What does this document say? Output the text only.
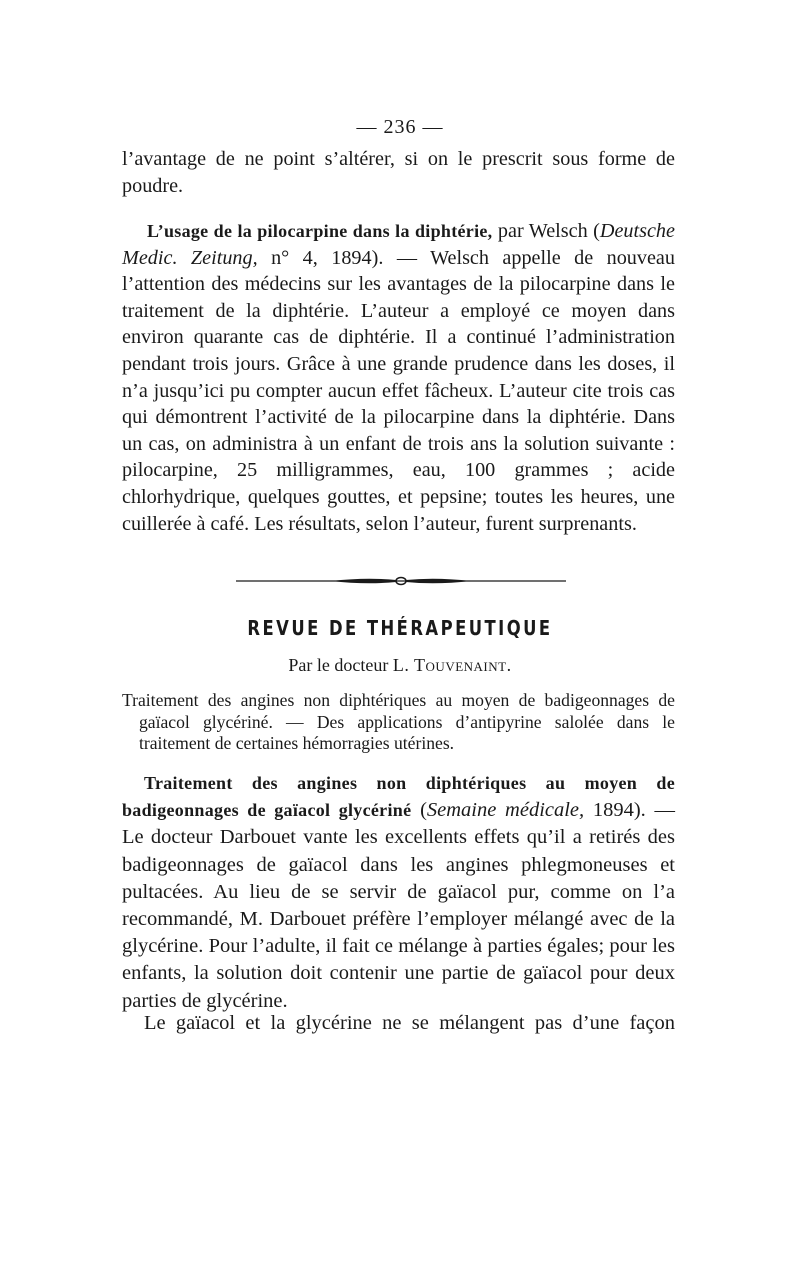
— 236 —

l’avantage de ne point s’altérer, si on le prescrit sous forme de poudre.

L’usage de la pilocarpine dans la diphtérie, par Welsch (Deutsche Medic. Zeitung, n° 4, 1894). — Welsch appelle de nouveau l’attention des médecins sur les avantages de la pilocarpine dans le traitement de la diphtérie. L’auteur a employé ce moyen dans environ quarante cas de diphtérie. Il a continué l’administration pendant trois jours. Grâce à une grande prudence dans les doses, il n’a jusqu’ici pu compter aucun effet fâcheux. L’auteur cite trois cas qui démontrent l’activité de la pilocarpine dans la diphtérie. Dans un cas, on administra à un enfant de trois ans la solution suivante : pilocarpine, 25 milligrammes, eau, 100 grammes ; acide chlorhydrique, quelques gouttes, et pepsine; toutes les heures, une cuillerée à café. Les résultats, selon l’auteur, furent surprenants.

REVUE DE THÉRAPEUTIQUE
Par le docteur L. Touvenaint.

Traitement des angines non diphtériques au moyen de badigeonnages de gaïacol glycériné. — Des applications d’antipyrine salolée dans le traitement de certaines hémorragies utérines.

Traitement des angines non diphtériques au moyen de badigeonnages de gaïacol glycériné (Semaine médicale, 1894). — Le docteur Darbouet vante les excellents effets qu’il a retirés des badigeonnages de gaïacol dans les angines phlegmoneuses et pultacées. Au lieu de se servir de gaïacol pur, comme on l’a recommandé, M. Darbouet préfère l’employer mélangé avec de la glycérine. Pour l’adulte, il fait ce mélange à parties égales; pour les enfants, la solution doit contenir une partie de gaïacol pour deux parties de glycérine.

Le gaïacol et la glycérine ne se mélangent pas d’une façon
